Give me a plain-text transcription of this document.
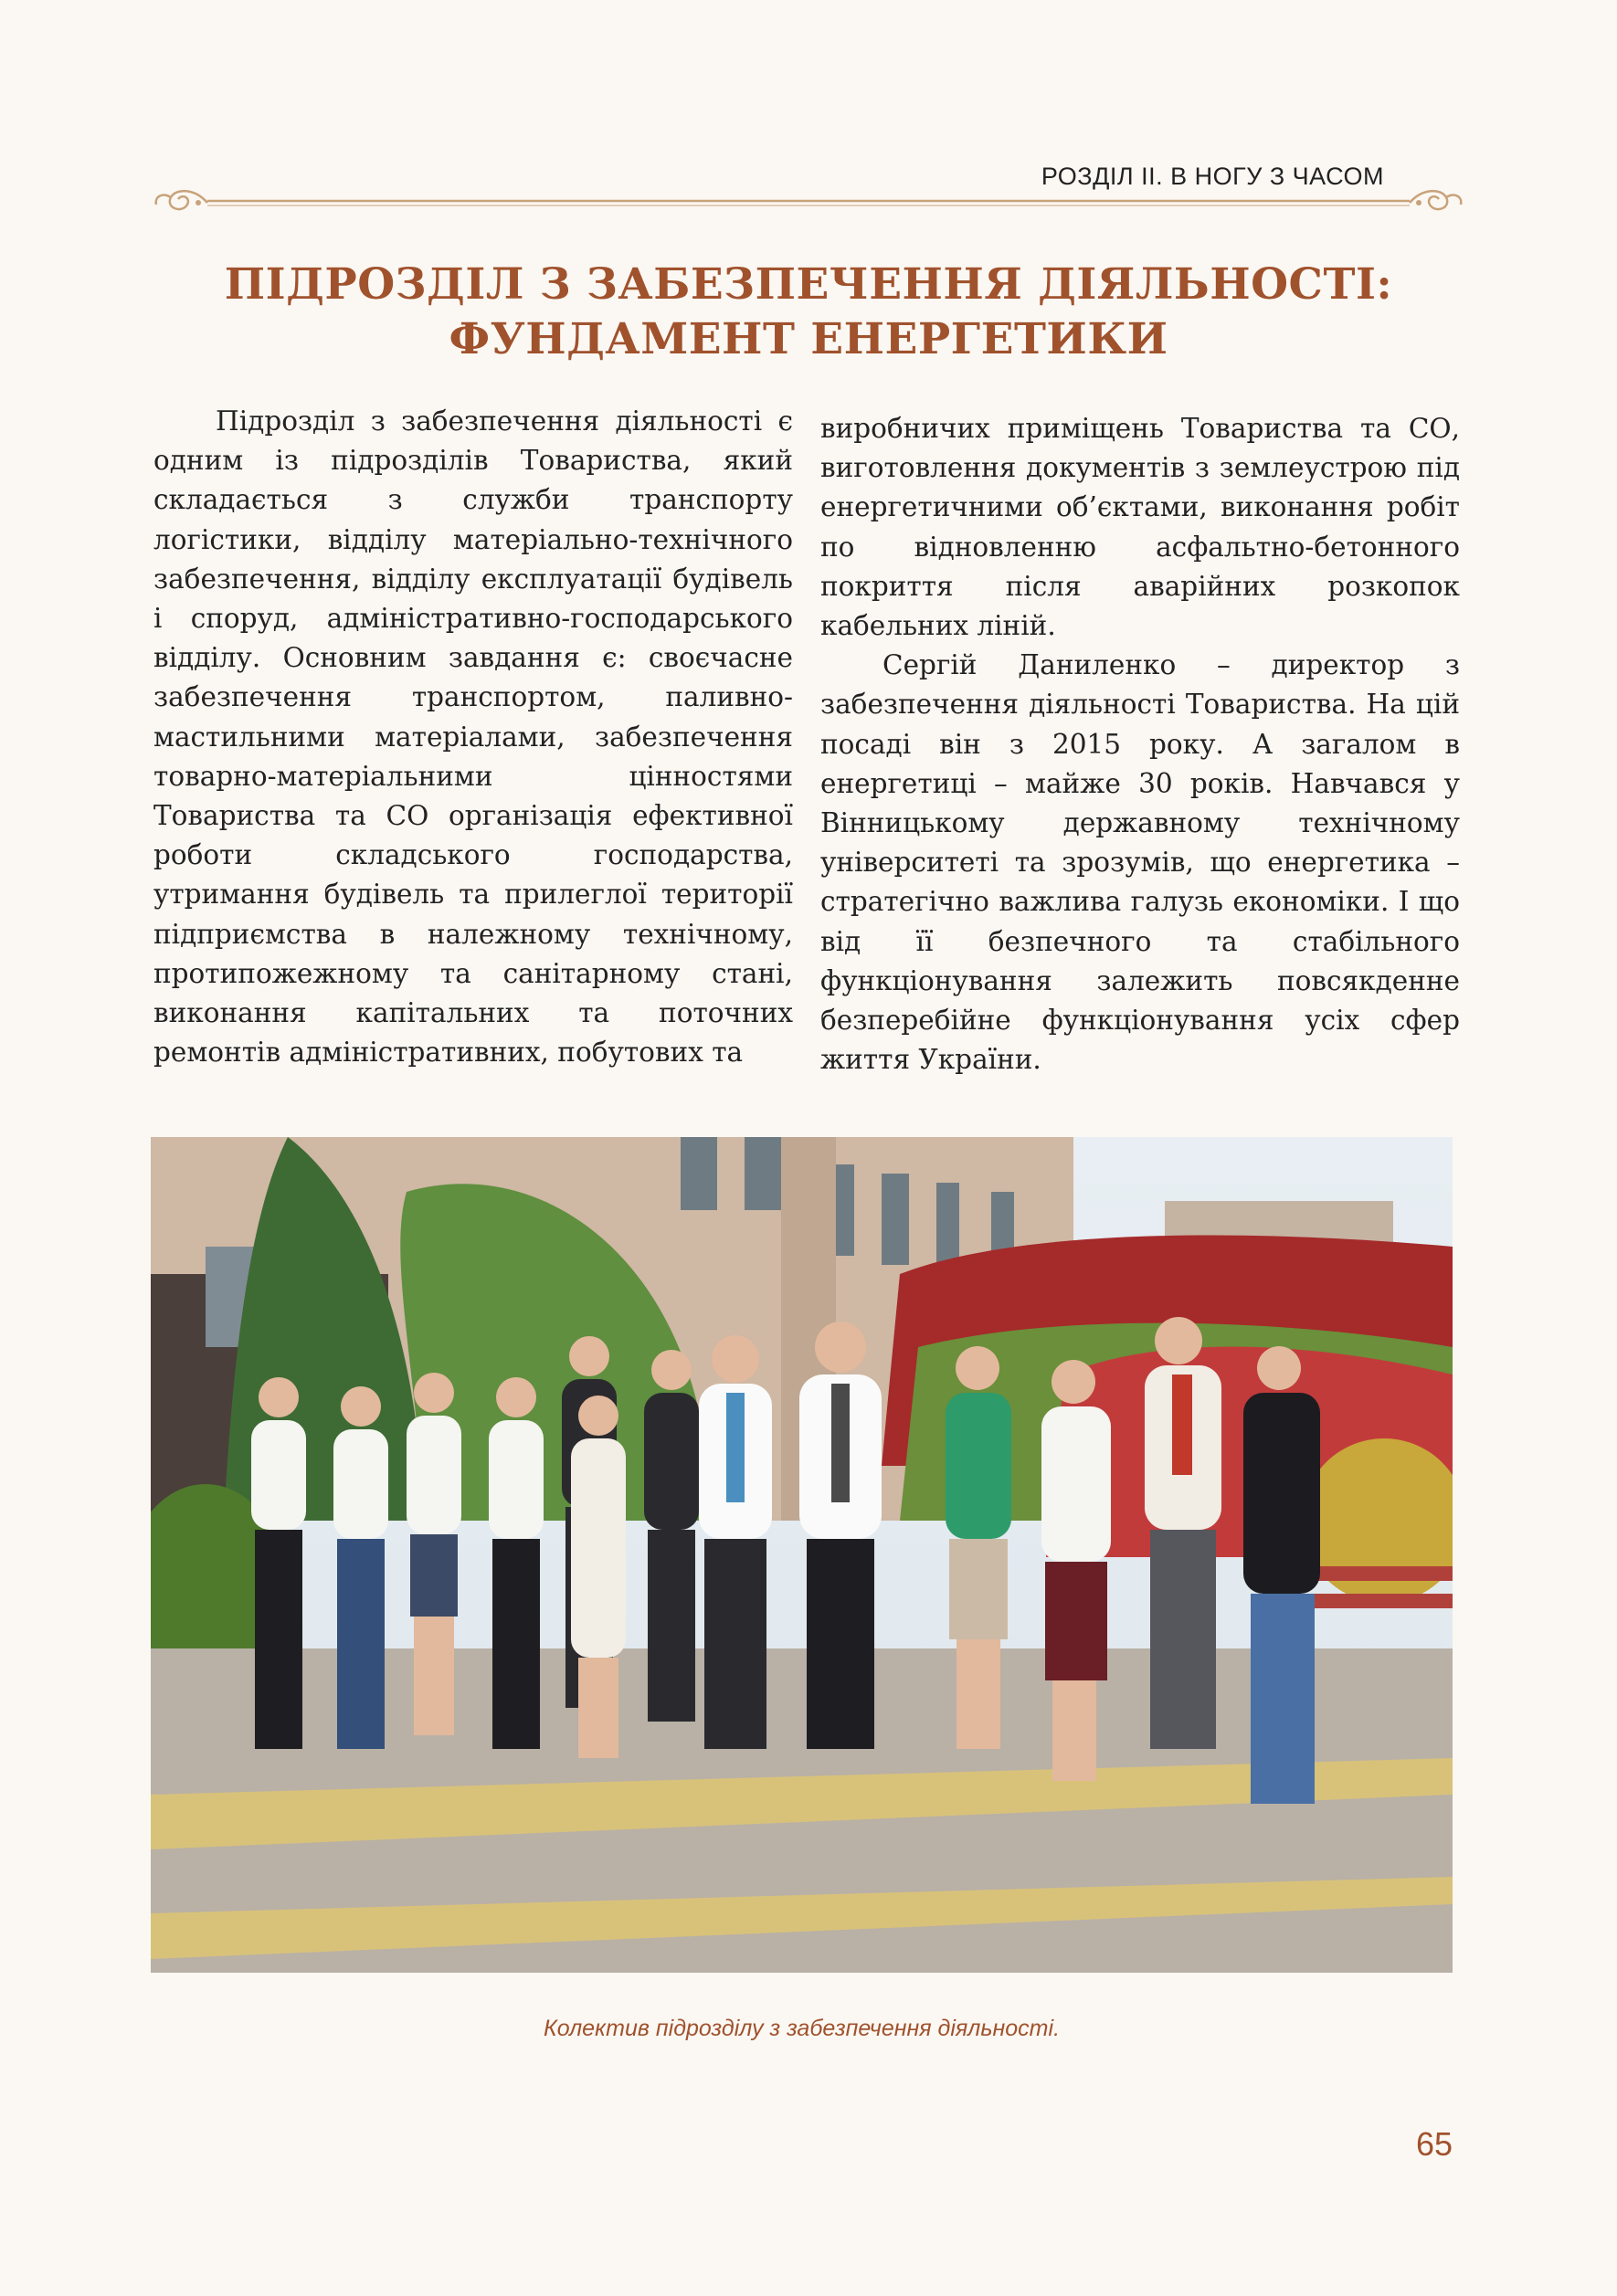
РОЗДІЛ II. В НОГУ З ЧАСОМ
ПІДРОЗДІЛ З ЗАБЕЗПЕЧЕННЯ ДІЯЛЬНОСТІ:
ФУНДАМЕНТ ЕНЕРГЕТИКИ

Підрозділ з забезпечення діяльності є одним із підрозділів Товариства, який складається з служби транспорту логістики, відділу матеріально-технічного забезпечення, відділу експлуатації будівель і споруд, адміністративно-господарського відділу. Основним завдання є: своєчасне забезпечення транспортом, паливно-мастильними матеріалами, забезпечення товарно-матеріальними цінностями Товариства та СО організація ефективної роботи складського господарства, утримання будівель та прилеглої території підприємства в належному технічному, протипожежному та санітарному стані, виконання капітальних та поточних ремонтів адміністративних, побутових та

виробничих приміщень Товариства та СО, виготовлення документів з землеустрою під енергетичними об’єктами, виконання робіт по відновленню асфальтно-бетонного покриття після аварійних розкопок кабельних ліній.

Сергій Даниленко – директор з забезпечення діяльності Товариства. На цій посаді він з 2015 року. А загалом в енергетиці – майже 30 років. Навчався у Вінницькому державному технічному університеті та зрозумів, що енергетика – стратегічно важлива галузь економіки. І що від її безпечного та стабільного функціонування залежить повсякденне безперебійне функціонування усіх сфер життя України.

Колектив підрозділу з забезпечення діяльності.
65
